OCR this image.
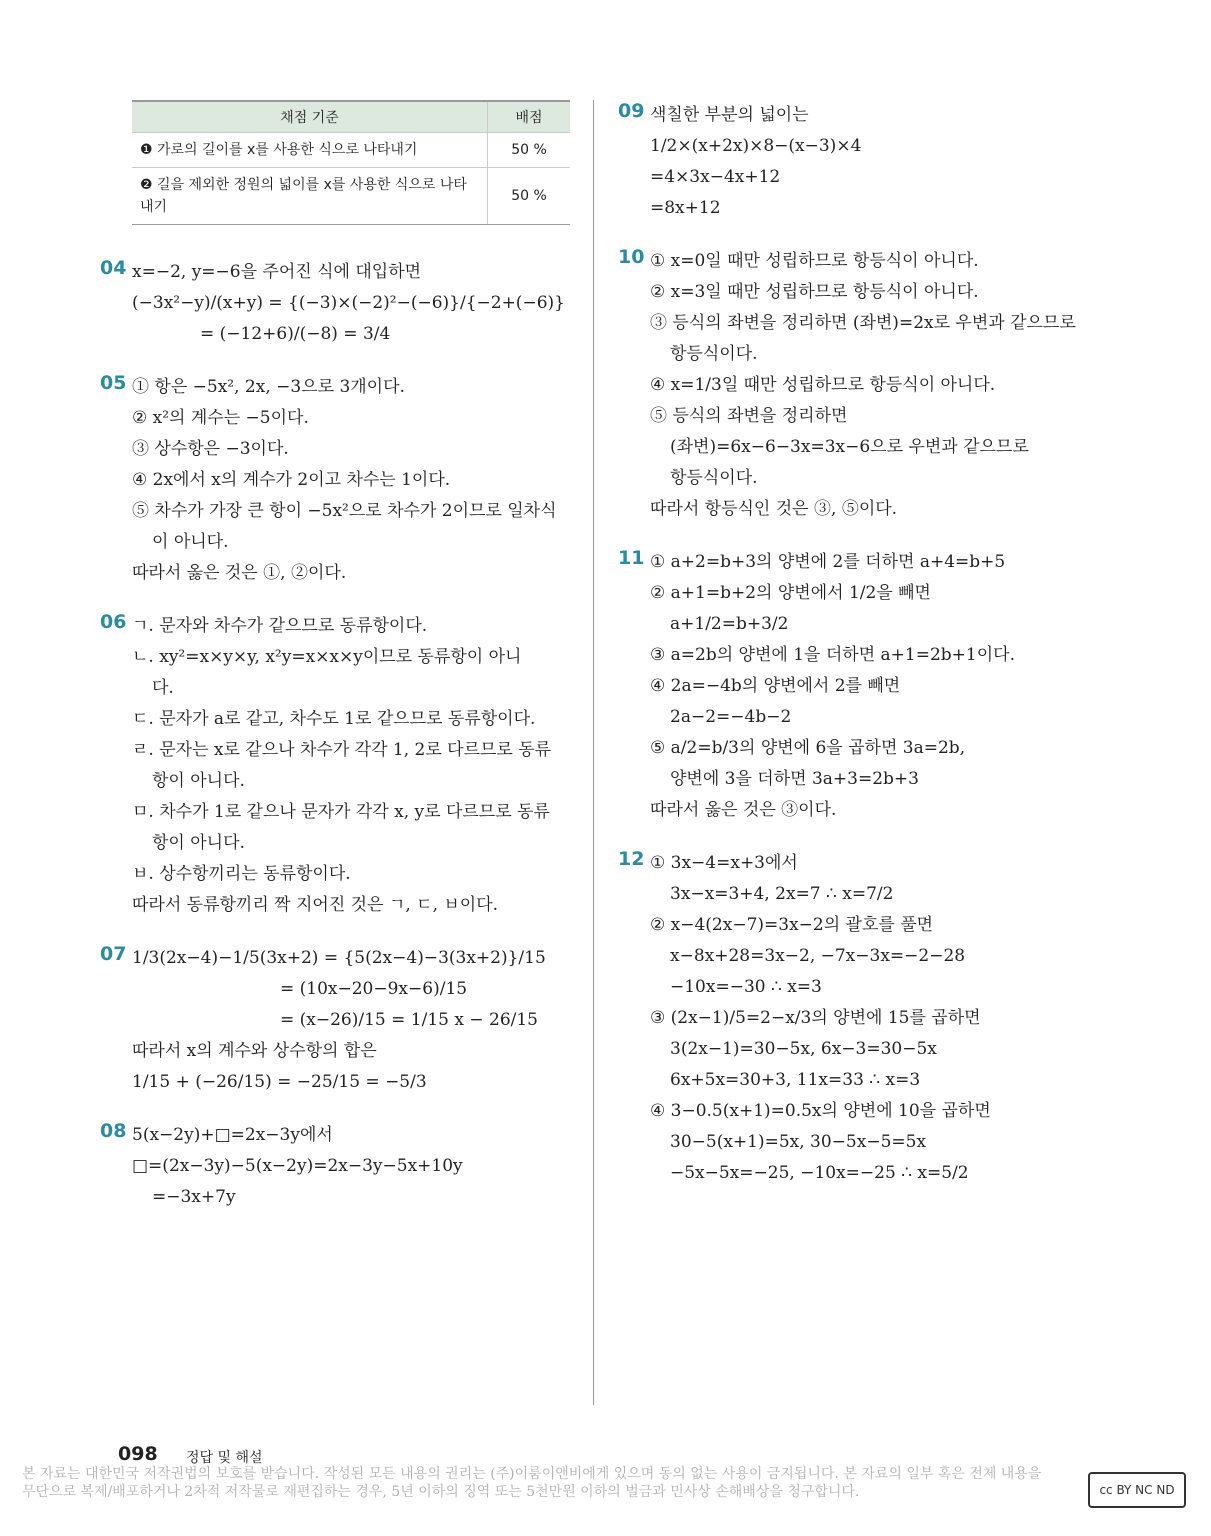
채점 기준	배점
❶ 가로의 길이를 x를 사용한 식으로 나타내기	50 %
❷ 길을 제외한 정원의 넓이를 x를 사용한 식으로 나타내기	50 %
04 x=−2, y=−6을 주어진 식에 대입하면
(−3x²−y)/(x+y) = {(−3)×(−2)²−(−6)}/{−2+(−6)}
= (−12+6)/(−8) = 3/4
05 ① 항은 −5x², 2x, −3으로 3개이다.
② x²의 계수는 −5이다.
③ 상수항은 −3이다.
④ 2x에서 x의 계수가 2이고 차수는 1이다.
⑤ 차수가 가장 큰 항이 −5x²으로 차수가 2이므로 일차식
이 아니다.
따라서 옳은 것은 ①, ②이다.
06 ㄱ. 문자와 차수가 같으므로 동류항이다.
ㄴ. xy²=x×y×y, x²y=x×x×y이므로 동류항이 아니
다.
ㄷ. 문자가 a로 같고, 차수도 1로 같으므로 동류항이다.
ㄹ. 문자는 x로 같으나 차수가 각각 1, 2로 다르므로 동류
항이 아니다.
ㅁ. 차수가 1로 같으나 문자가 각각 x, y로 다르므로 동류
항이 아니다.
ㅂ. 상수항끼리는 동류항이다.
따라서 동류항끼리 짝 지어진 것은 ㄱ, ㄷ, ㅂ이다.
07 1/3(2x−4)−1/5(3x+2) = {5(2x−4)−3(3x+2)}/15
= (10x−20−9x−6)/15
= (x−26)/15 = 1/15 x − 26/15
따라서 x의 계수와 상수항의 합은
1/15 + (−26/15) = −25/15 = −5/3
08 5(x−2y)+□=2x−3y에서
□=(2x−3y)−5(x−2y)=2x−3y−5x+10y
=−3x+7y
09 색칠한 부분의 넓이는
1/2×(x+2x)×8−(x−3)×4
=4×3x−4x+12
=8x+12
10 ① x=0일 때만 성립하므로 항등식이 아니다.
② x=3일 때만 성립하므로 항등식이 아니다.
③ 등식의 좌변을 정리하면 (좌변)=2x로 우변과 같으므로
항등식이다.
④ x=1/3일 때만 성립하므로 항등식이 아니다.
⑤ 등식의 좌변을 정리하면
(좌변)=6x−6−3x=3x−6으로 우변과 같으므로
항등식이다.
따라서 항등식인 것은 ③, ⑤이다.
11 ① a+2=b+3의 양변에 2를 더하면 a+4=b+5
② a+1=b+2의 양변에서 1/2을 빼면
a+1/2=b+3/2
③ a=2b의 양변에 1을 더하면 a+1=2b+1이다.
④ 2a=−4b의 양변에서 2를 빼면
2a−2=−4b−2
⑤ a/2=b/3의 양변에 6을 곱하면 3a=2b,
양변에 3을 더하면 3a+3=2b+3
따라서 옳은 것은 ③이다.
12 ① 3x−4=x+3에서
3x−x=3+4, 2x=7 ∴ x=7/2
② x−4(2x−7)=3x−2의 괄호를 풀면
x−8x+28=3x−2, −7x−3x=−2−28
−10x=−30 ∴ x=3
③ (2x−1)/5=2−x/3의 양변에 15를 곱하면
3(2x−1)=30−5x, 6x−3=30−5x
6x+5x=30+3, 11x=33 ∴ x=3
④ 3−0.5(x+1)=0.5x의 양변에 10을 곱하면
30−5(x+1)=5x, 30−5x−5=5x
−5x−5x=−25, −10x=−25 ∴ x=5/2
098 정답 및 해설
본 자료는 대한민국 저작권법의 보호를 받습니다. 작성된 모든 내용의 권리는 (주)이룸이앤비에게 있으며 동의 없는 사용이 금지됩니다. 본 자료의 일부 혹은 전체 내용을 무단으로 복제/배포하거나 2차적 저작물로 재편집하는 경우, 5년 이하의 징역 또는 5천만원 이하의 벌금과 민사상 손해배상을 청구합니다.	cc BY NC ND
